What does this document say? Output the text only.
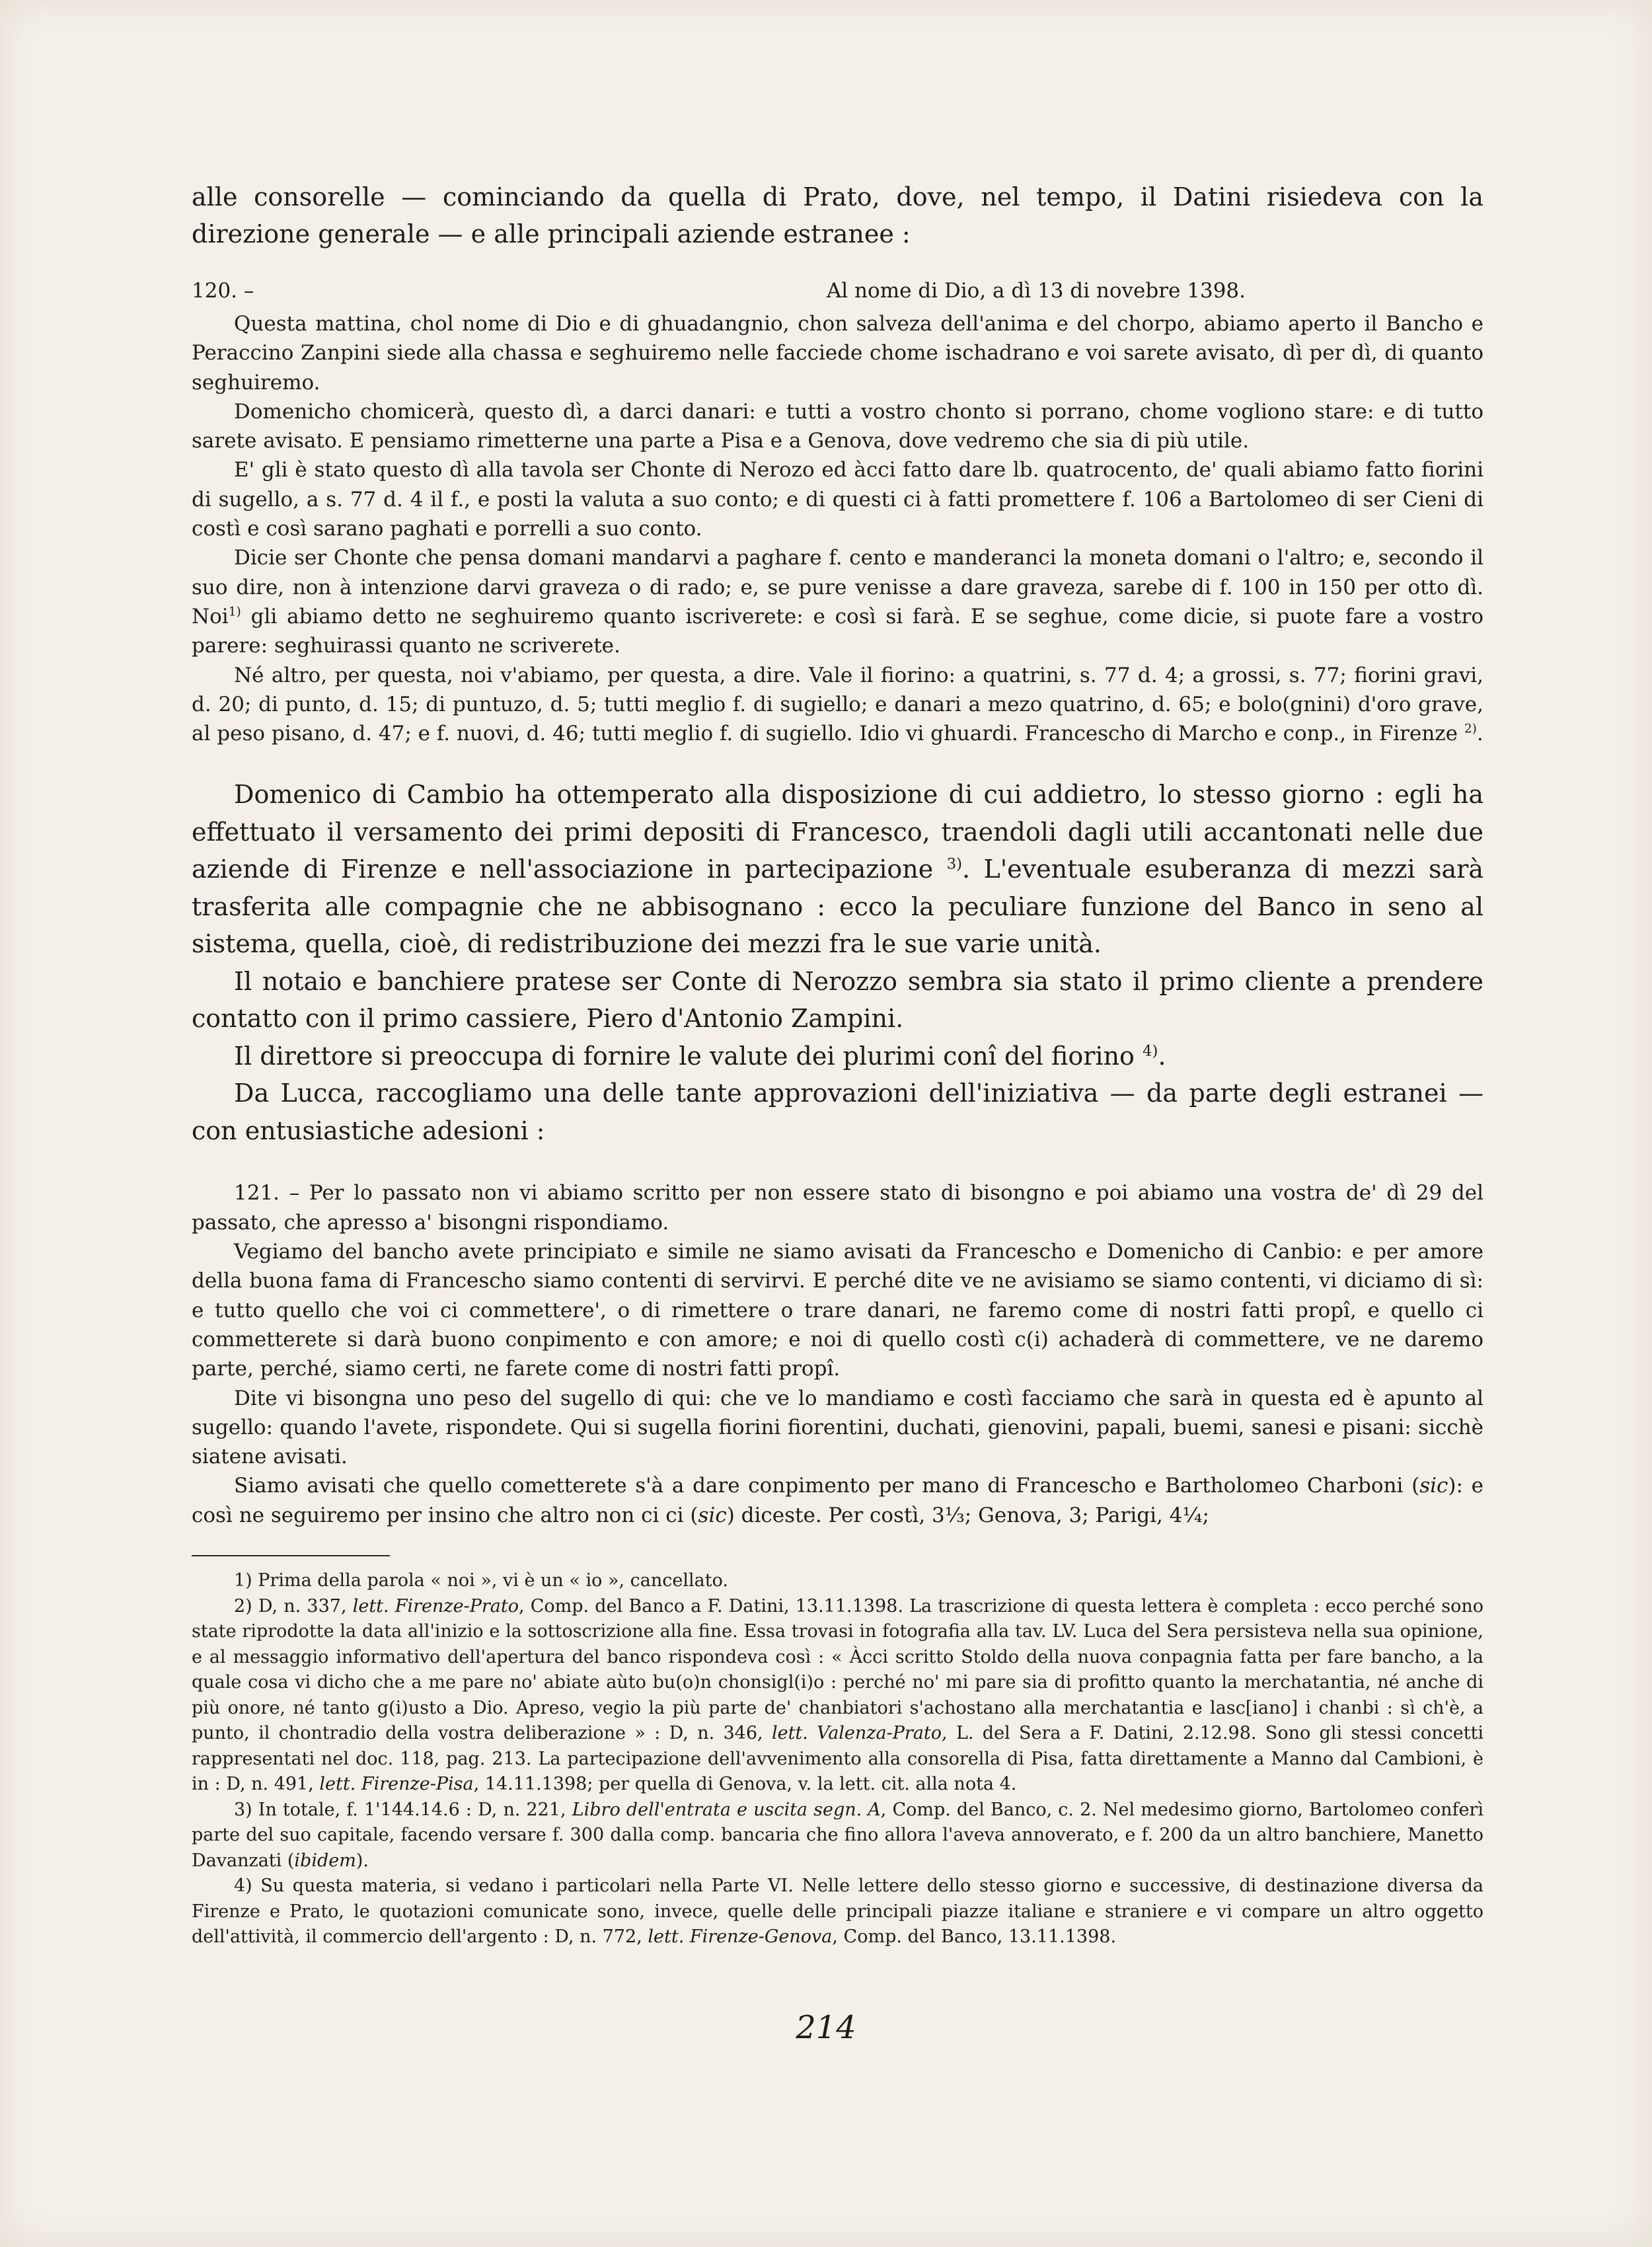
alle consorelle — cominciando da quella di Prato, dove, nel tempo, il Datini risiedeva con la direzione generale — e alle principali aziende estranee :

120. –	Al nome di Dio, a dì 13 di novebre 1398.

Questa mattina, chol nome di Dio e di ghuadangnio, chon salveza dell'anima e del chorpo, abiamo aperto il Bancho e Peraccino Zanpini siede alla chassa e seghuiremo nelle facciede chome ischadrano e voi sarete avisato, dì per dì, di quanto seghuiremo.

Domenicho chomicerà, questo dì, a darci danari: e tutti a vostro chonto si porrano, chome vogliono stare: e di tutto sarete avisato. E pensiamo rimetterne una parte a Pisa e a Genova, dove vedremo che sia di più utile.

E' gli è stato questo dì alla tavola ser Chonte di Nerozo ed àcci fatto dare lb. quatrocento, de' quali abiamo fatto fiorini di sugello, a s. 77 d. 4 il f., e posti la valuta a suo conto; e di questi ci à fatti promettere f. 106 a Bartolomeo di ser Cieni di costì e così sarano paghati e porrelli a suo conto.

Dicie ser Chonte che pensa domani mandarvi a paghare f. cento e manderanci la moneta domani o l'altro; e, secondo il suo dire, non à intenzione darvi graveza o di rado; e, se pure venisse a dare graveza, sarebe di f. 100 in 150 per otto dì. Noi$^{1)}$ gli abiamo detto ne seghuiremo quanto iscriverete: e così si farà. E se seghue, come dicie, si puote fare a vostro parere: seghuirassi quanto ne scriverete.

Né altro, per questa, noi v'abiamo, per questa, a dire. Vale il fiorino: a quatrini, s. 77 d. 4; a grossi, s. 77; fiorini gravi, d. 20; di punto, d. 15; di puntuzo, d. 5; tutti meglio f. di sugiello; e danari a mezo quatrino, d. 65; e bolo(gnini) d'oro grave, al peso pisano, d. 47; e f. nuovi, d. 46; tutti meglio f. di sugiello. Idio vi ghuardi. Francescho di Marcho e conp., in Firenze $^{2)}$.

Domenico di Cambio ha ottemperato alla disposizione di cui addietro, lo stesso giorno : egli ha effettuato il versamento dei primi depositi di Francesco, traendoli dagli utili accantonati nelle due aziende di Firenze e nell'associazione in partecipazione $^{3)}$. L'eventuale esuberanza di mezzi sarà trasferita alle compagnie che ne abbisognano : ecco la peculiare funzione del Banco in seno al sistema, quella, cioè, di redistribuzione dei mezzi fra le sue varie unità.

Il notaio e banchiere pratese ser Conte di Nerozzo sembra sia stato il primo cliente a prendere contatto con il primo cassiere, Piero d'Antonio Zampini.

Il direttore si preoccupa di fornire le valute dei plurimi conî del fiorino $^{4)}$.

Da Lucca, raccogliamo una delle tante approvazioni dell'iniziativa — da parte degli estranei — con entusiastiche adesioni :

121. – Per lo passato non vi abiamo scritto per non essere stato di bisongno e poi abiamo una vostra de' dì 29 del passato, che apresso a' bisongni rispondiamo.

Vegiamo del bancho avete principiato e simile ne siamo avisati da Francescho e Domenicho di Canbio: e per amore della buona fama di Francescho siamo contenti di servirvi. E perché dite ve ne avisiamo se siamo contenti, vi diciamo di sì: e tutto quello che voi ci commettere', o di rimettere o trare danari, ne faremo come di nostri fatti propî, e quello ci commetterete si darà buono conpimento e con amore; e noi di quello costì c(i) achaderà di commettere, ve ne daremo parte, perché, siamo certi, ne farete come di nostri fatti propî.

Dite vi bisongna uno peso del sugello di qui: che ve lo mandiamo e costì facciamo che sarà in questa ed è apunto al sugello: quando l'avete, rispondete. Qui si sugella fiorini fiorentini, duchati, gienovini, papali, buemi, sanesi e pisani: sicchè siatene avisati.

Siamo avisati che quello cometterete s'à a dare conpimento per mano di Francescho e Bartholomeo Charboni (sic): e così ne seguiremo per insino che altro non ci ci (sic) diceste. Per costì, 3⅓; Genova, 3; Parigi, 4¼;

1) Prima della parola « noi », vi è un « io », cancellato.

2) D, n. 337, lett. Firenze-Prato, Comp. del Banco a F. Datini, 13.11.1398. La trascrizione di questa lettera è completa : ecco perché sono state riprodotte la data all'inizio e la sottoscrizione alla fine. Essa trovasi in fotografia alla tav. LV. Luca del Sera persisteva nella sua opinione, e al messaggio informativo dell'apertura del banco rispondeva così : « Àcci scritto Stoldo della nuova conpagnia fatta per fare bancho, a la quale cosa vi dicho che a me pare no' abiate aùto bu(o)n chonsigl(i)o : perché no' mi pare sia di profitto quanto la merchatantia, né anche di più onore, né tanto g(i)usto a Dio. Apreso, vegio la più parte de' chanbiatori s'achostano alla merchatantia e lasc[iano] i chanbi : sì ch'è, a punto, il chontradio della vostra deliberazione » : D, n. 346, lett. Valenza-Prato, L. del Sera a F. Datini, 2.12.98. Sono gli stessi concetti rappresentati nel doc. 118, pag. 213. La partecipazione dell'avvenimento alla consorella di Pisa, fatta direttamente a Manno dal Cambioni, è in : D, n. 491, lett. Firenze-Pisa, 14.11.1398; per quella di Genova, v. la lett. cit. alla nota 4.

3) In totale, f. 1'144.14.6 : D, n. 221, Libro dell'entrata e uscita segn. A, Comp. del Banco, c. 2. Nel medesimo giorno, Bartolomeo conferì parte del suo capitale, facendo versare f. 300 dalla comp. bancaria che fino allora l'aveva annoverato, e f. 200 da un altro banchiere, Manetto Davanzati (ibidem).

4) Su questa materia, si vedano i particolari nella Parte VI. Nelle lettere dello stesso giorno e successive, di destinazione diversa da Firenze e Prato, le quotazioni comunicate sono, invece, quelle delle principali piazze italiane e straniere e vi compare un altro oggetto dell'attività, il commercio dell'argento : D, n. 772, lett. Firenze-Genova, Comp. del Banco, 13.11.1398.

214
